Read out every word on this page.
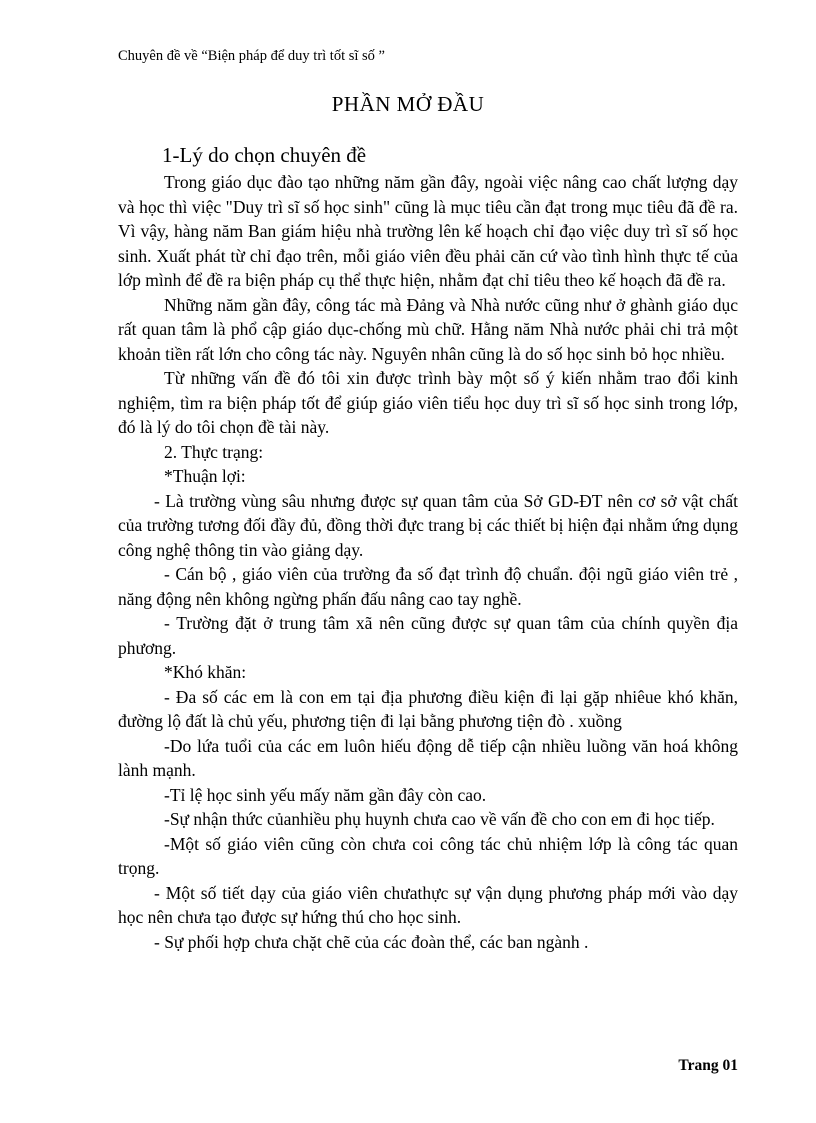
Chuyên đề về “Biện pháp để duy trì tốt sĩ số ”
PHẦN MỞ ĐẦU

1-Lý do chọn chuyên đề

Trong giáo dục đào tạo những năm gần đây, ngoài việc nâng cao chất lượng dạy và học thì việc "Duy trì sĩ số học sinh" cũng là mục tiêu cần đạt trong mục tiêu đã đề ra. Vì vậy, hàng năm Ban giám hiệu nhà trường lên kế hoạch chỉ đạo việc duy trì sĩ số học sinh. Xuất phát từ chỉ đạo trên, mỗi giáo viên đều phải căn cứ vào tình hình thực tế của lớp mình để đề ra biện pháp cụ thể thực hiện, nhằm đạt chỉ tiêu theo kế hoạch đã đề ra.

Những năm gần đây, công tác mà Đảng và Nhà nước cũng như ở ghành giáo dục rất quan tâm là phổ cập giáo dục-chống mù chữ. Hằng năm Nhà nước phải chi trả một khoản tiền rất lớn cho công tác này. Nguyên nhân cũng là do số học sinh bỏ học nhiều.

Từ những vấn đề đó tôi xin được trình bày một số ý kiến nhằm trao đổi kinh nghiệm, tìm ra biện pháp tốt để giúp giáo viên tiểu học duy trì sĩ số học sinh trong lớp, đó là lý do tôi chọn đề tài này.

2. Thực trạng:

*Thuận lợi:

- Là trường vùng sâu nhưng được sự quan tâm của Sở GD-ĐT nên cơ sở vật chất của trường tương đối đầy đủ, đồng thời đực trang bị các thiết bị hiện đại nhằm ứng dụng công nghệ thông tin vào giảng dạy.

- Cán bộ , giáo viên của trường đa số đạt trình độ chuẩn. đội ngũ giáo viên trẻ , năng động nên không ngừng phấn đấu nâng cao tay nghề.

- Trường đặt ở trung tâm xã nên cũng được sự quan tâm của chính quyền địa phương.

*Khó khăn:

- Đa số các em là con em tại địa phương điều kiện đi lại gặp nhiêue khó khăn, đường lộ đất là chủ yếu, phương tiện đi lại bằng phương tiện đò . xuồng

-Do lứa tuổi của các em luôn hiếu động dễ tiếp cận nhiều luồng văn hoá không lành mạnh.

-Tỉ lệ học sinh yếu mấy năm gần đây còn cao.

-Sự nhận thức củanhiều phụ huynh chưa cao về vấn đề cho con em đi học tiếp.

-Một số giáo viên cũng còn chưa coi công tác chủ nhiệm lớp là công tác quan trọng.

- Một số tiết dạy của giáo viên chưathực sự vận dụng phương pháp mới vào dạy học nên chưa tạo được sự hứng thú cho học sinh.

- Sự phối hợp chưa chặt chẽ của các đoàn thể, các ban ngành .

Trang 01
